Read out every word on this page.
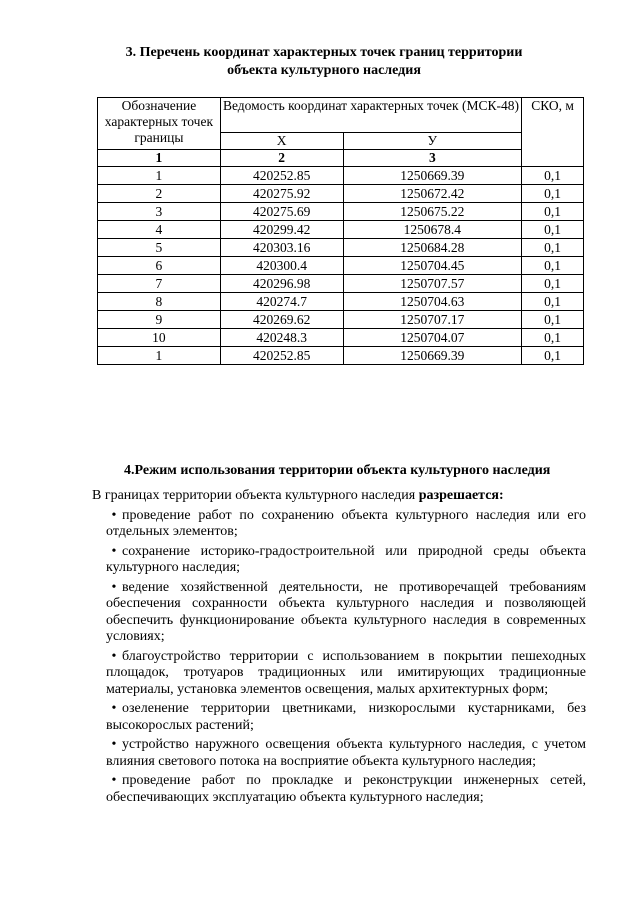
3. Перечень координат характерных точек границ территории
объекта культурного наследия
Обозначение характерных точек границы	Ведомость координат характерных точек (МСК-48)		СКО, м
	Х	У	
1	2	3	
1	420252.85	1250669.39	0,1
2	420275.92	1250672.42	0,1
3	420275.69	1250675.22	0,1
4	420299.42	1250678.4	0,1
5	420303.16	1250684.28	0,1
6	420300.4	1250704.45	0,1
7	420296.98	1250707.57	0,1
8	420274.7	1250704.63	0,1
9	420269.62	1250707.17	0,1
10	420248.3	1250704.07	0,1
1	420252.85	1250669.39	0,1
4.Режим использования территории объекта культурного наследия

В границах территории объекта культурного наследия разрешается:

• проведение работ по сохранению объекта культурного наследия или его отдельных элементов;

• сохранение историко-градостроительной или природной среды объекта культурного наследия;

• ведение хозяйственной деятельности, не противоречащей требованиям обеспечения сохранности объекта культурного наследия и позволяющей обеспечить функционирование объекта культурного наследия в современных условиях;

• благоустройство территории с использованием в покрытии пешеходных площадок, тротуаров традиционных или имитирующих традиционные материалы, установка элементов освещения, малых архитектурных форм;

• озеленение территории цветниками, низкорослыми кустарниками, без высокорослых растений;

• устройство наружного освещения объекта культурного наследия, с учетом влияния светового потока на восприятие объекта культурного наследия;

• проведение работ по прокладке и реконструкции инженерных сетей, обеспечивающих эксплуатацию объекта культурного наследия;
